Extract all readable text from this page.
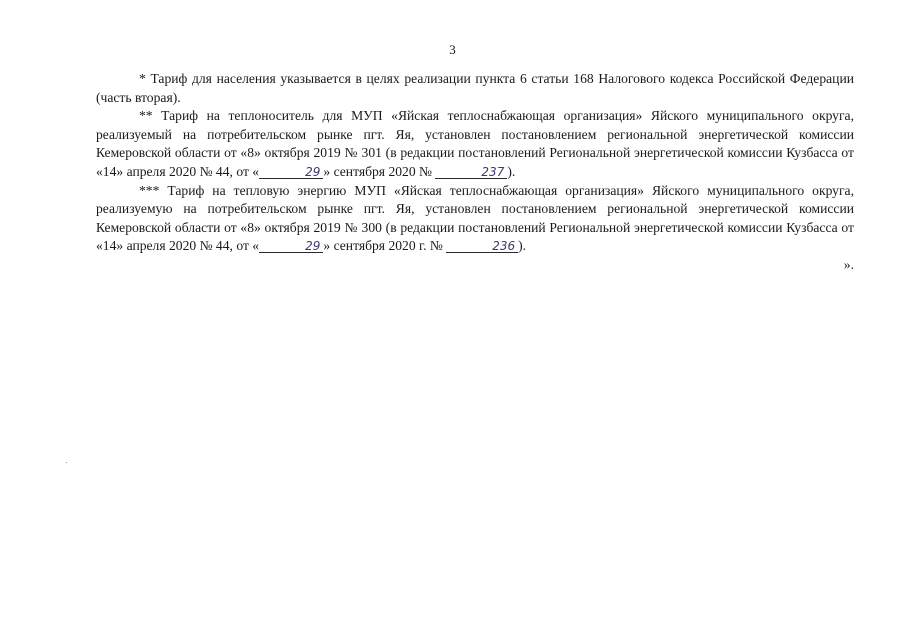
3

* Тариф для населения указывается в целях реализации пункта 6 статьи 168 Налогового кодекса Российской Федерации (часть вторая).

** Тариф на теплоноситель для МУП «Яйская теплоснабжающая организация» Яйского муниципального округа, реализуемый на потребительском рынке пгт. Яя, установлен постановлением региональной энергетической комиссии Кемеровской области от «8» октября 2019 № 301 (в редакции постановлений Региональной энергетической комиссии Кузбасса от «14» апреля 2020 № 44, от «	29 » сентября 2020 №	237 ).

*** Тариф на тепловую энергию МУП «Яйская теплоснабжающая организация» Яйского муниципального округа, реализуемую на потребительском рынке пгт. Яя, установлен постановлением региональной энергетической комиссии Кемеровской области от «8» октября 2019 № 300 (в редакции постановлений Региональной энергетической комиссии Кузбасса от «14» апреля 2020 № 44, от «	29 » сентября 2020 г. №	236 ).

».
